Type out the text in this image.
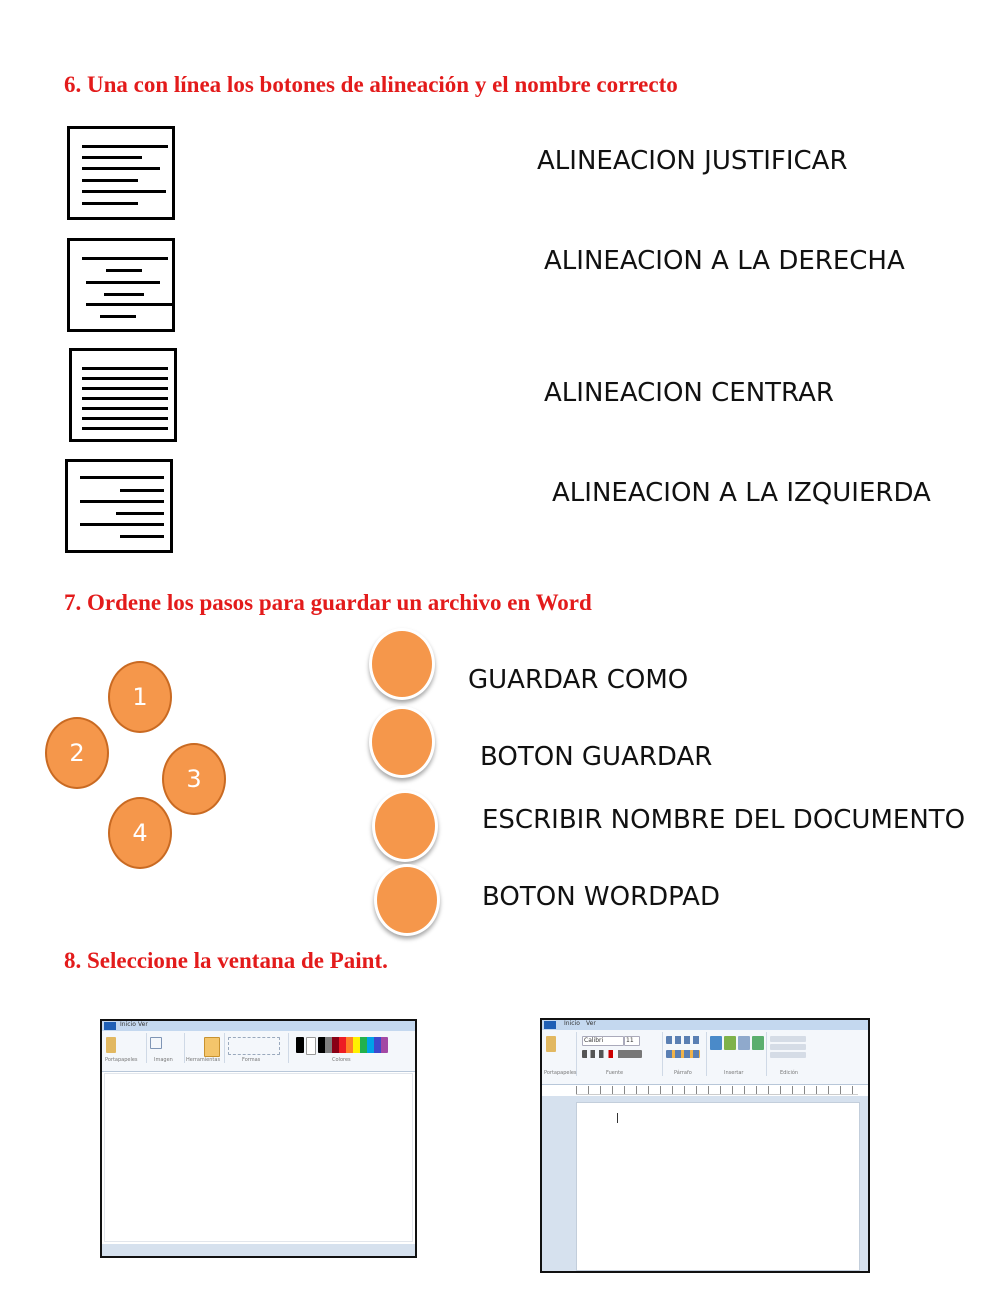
6. Una con línea los botones de alineación y el nombre correcto
ALINEACION JUSTIFICAR
ALINEACION A LA DERECHA
ALINEACION CENTRAR
ALINEACION A LA IZQUIERDA
7. Ordene los pasos para guardar un archivo en Word
1
2
3
4
GUARDAR COMO
BOTON GUARDAR
ESCRIBIR NOMBRE DEL DOCUMENTO
BOTON WORDPAD
8. Seleccione la ventana de Paint.
Inicio Ver
Portapapeles	Imagen	Herramientas	Formas	Colores
Inicio Ver
Portapapeles
Calibri	11
Fuente	Párrafo	Insertar	Edición
